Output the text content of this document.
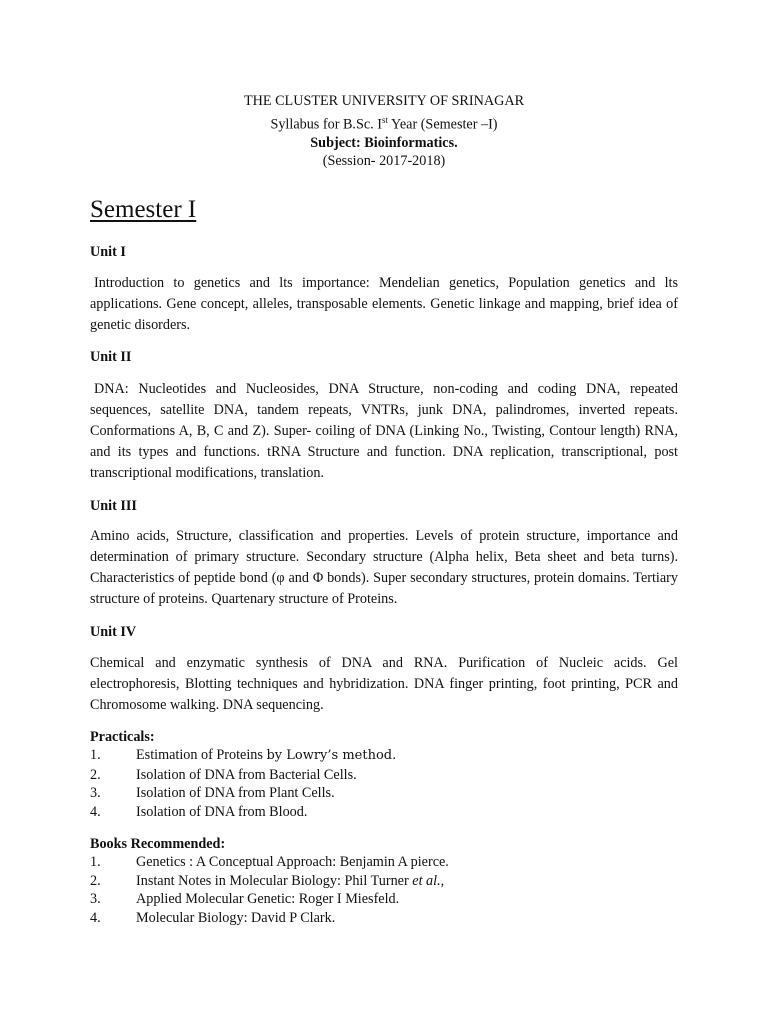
THE CLUSTER UNIVERSITY OF SRINAGAR
Syllabus for B.Sc. Ist Year (Semester –I)
Subject: Bioinformatics.
(Session- 2017-2018)
Semester I
Unit I
Introduction to genetics and lts importance: Mendelian genetics, Population genetics and lts applications. Gene concept, alleles, transposable elements. Genetic linkage and mapping, brief idea of genetic disorders.
Unit II
DNA: Nucleotides and Nucleosides, DNA Structure, non-coding and coding DNA, repeated sequences, satellite DNA, tandem repeats, VNTRs, junk DNA, palindromes, inverted repeats. Conformations A, B, C and Z). Super- coiling of DNA (Linking No., Twisting, Contour length) RNA, and its types and functions. tRNA Structure and function. DNA replication, transcriptional, post transcriptional modifications, translation.
Unit III
Amino acids, Structure, classification and properties. Levels of protein structure, importance and determination of primary structure. Secondary structure (Alpha helix, Beta sheet and beta turns). Characteristics of peptide bond (φ and Φ bonds). Super secondary structures, protein domains. Tertiary structure of proteins. Quartenary structure of Proteins.
Unit IV
Chemical and enzymatic synthesis of DNA and RNA. Purification of Nucleic acids. Gel electrophoresis, Blotting techniques and hybridization. DNA finger printing, foot printing, PCR and Chromosome walking. DNA sequencing.
Practicals:
1. Estimation of Proteins by Lowry’s method.
2. Isolation of DNA from Bacterial Cells.
3. Isolation of DNA from Plant Cells.
4. Isolation of DNA from Blood.
Books Recommended:
1. Genetics : A Conceptual Approach: Benjamin A pierce.
2. Instant Notes in Molecular Biology: Phil Turner et al.,
3. Applied Molecular Genetic: Roger I Miesfeld.
4. Molecular Biology: David P Clark.
